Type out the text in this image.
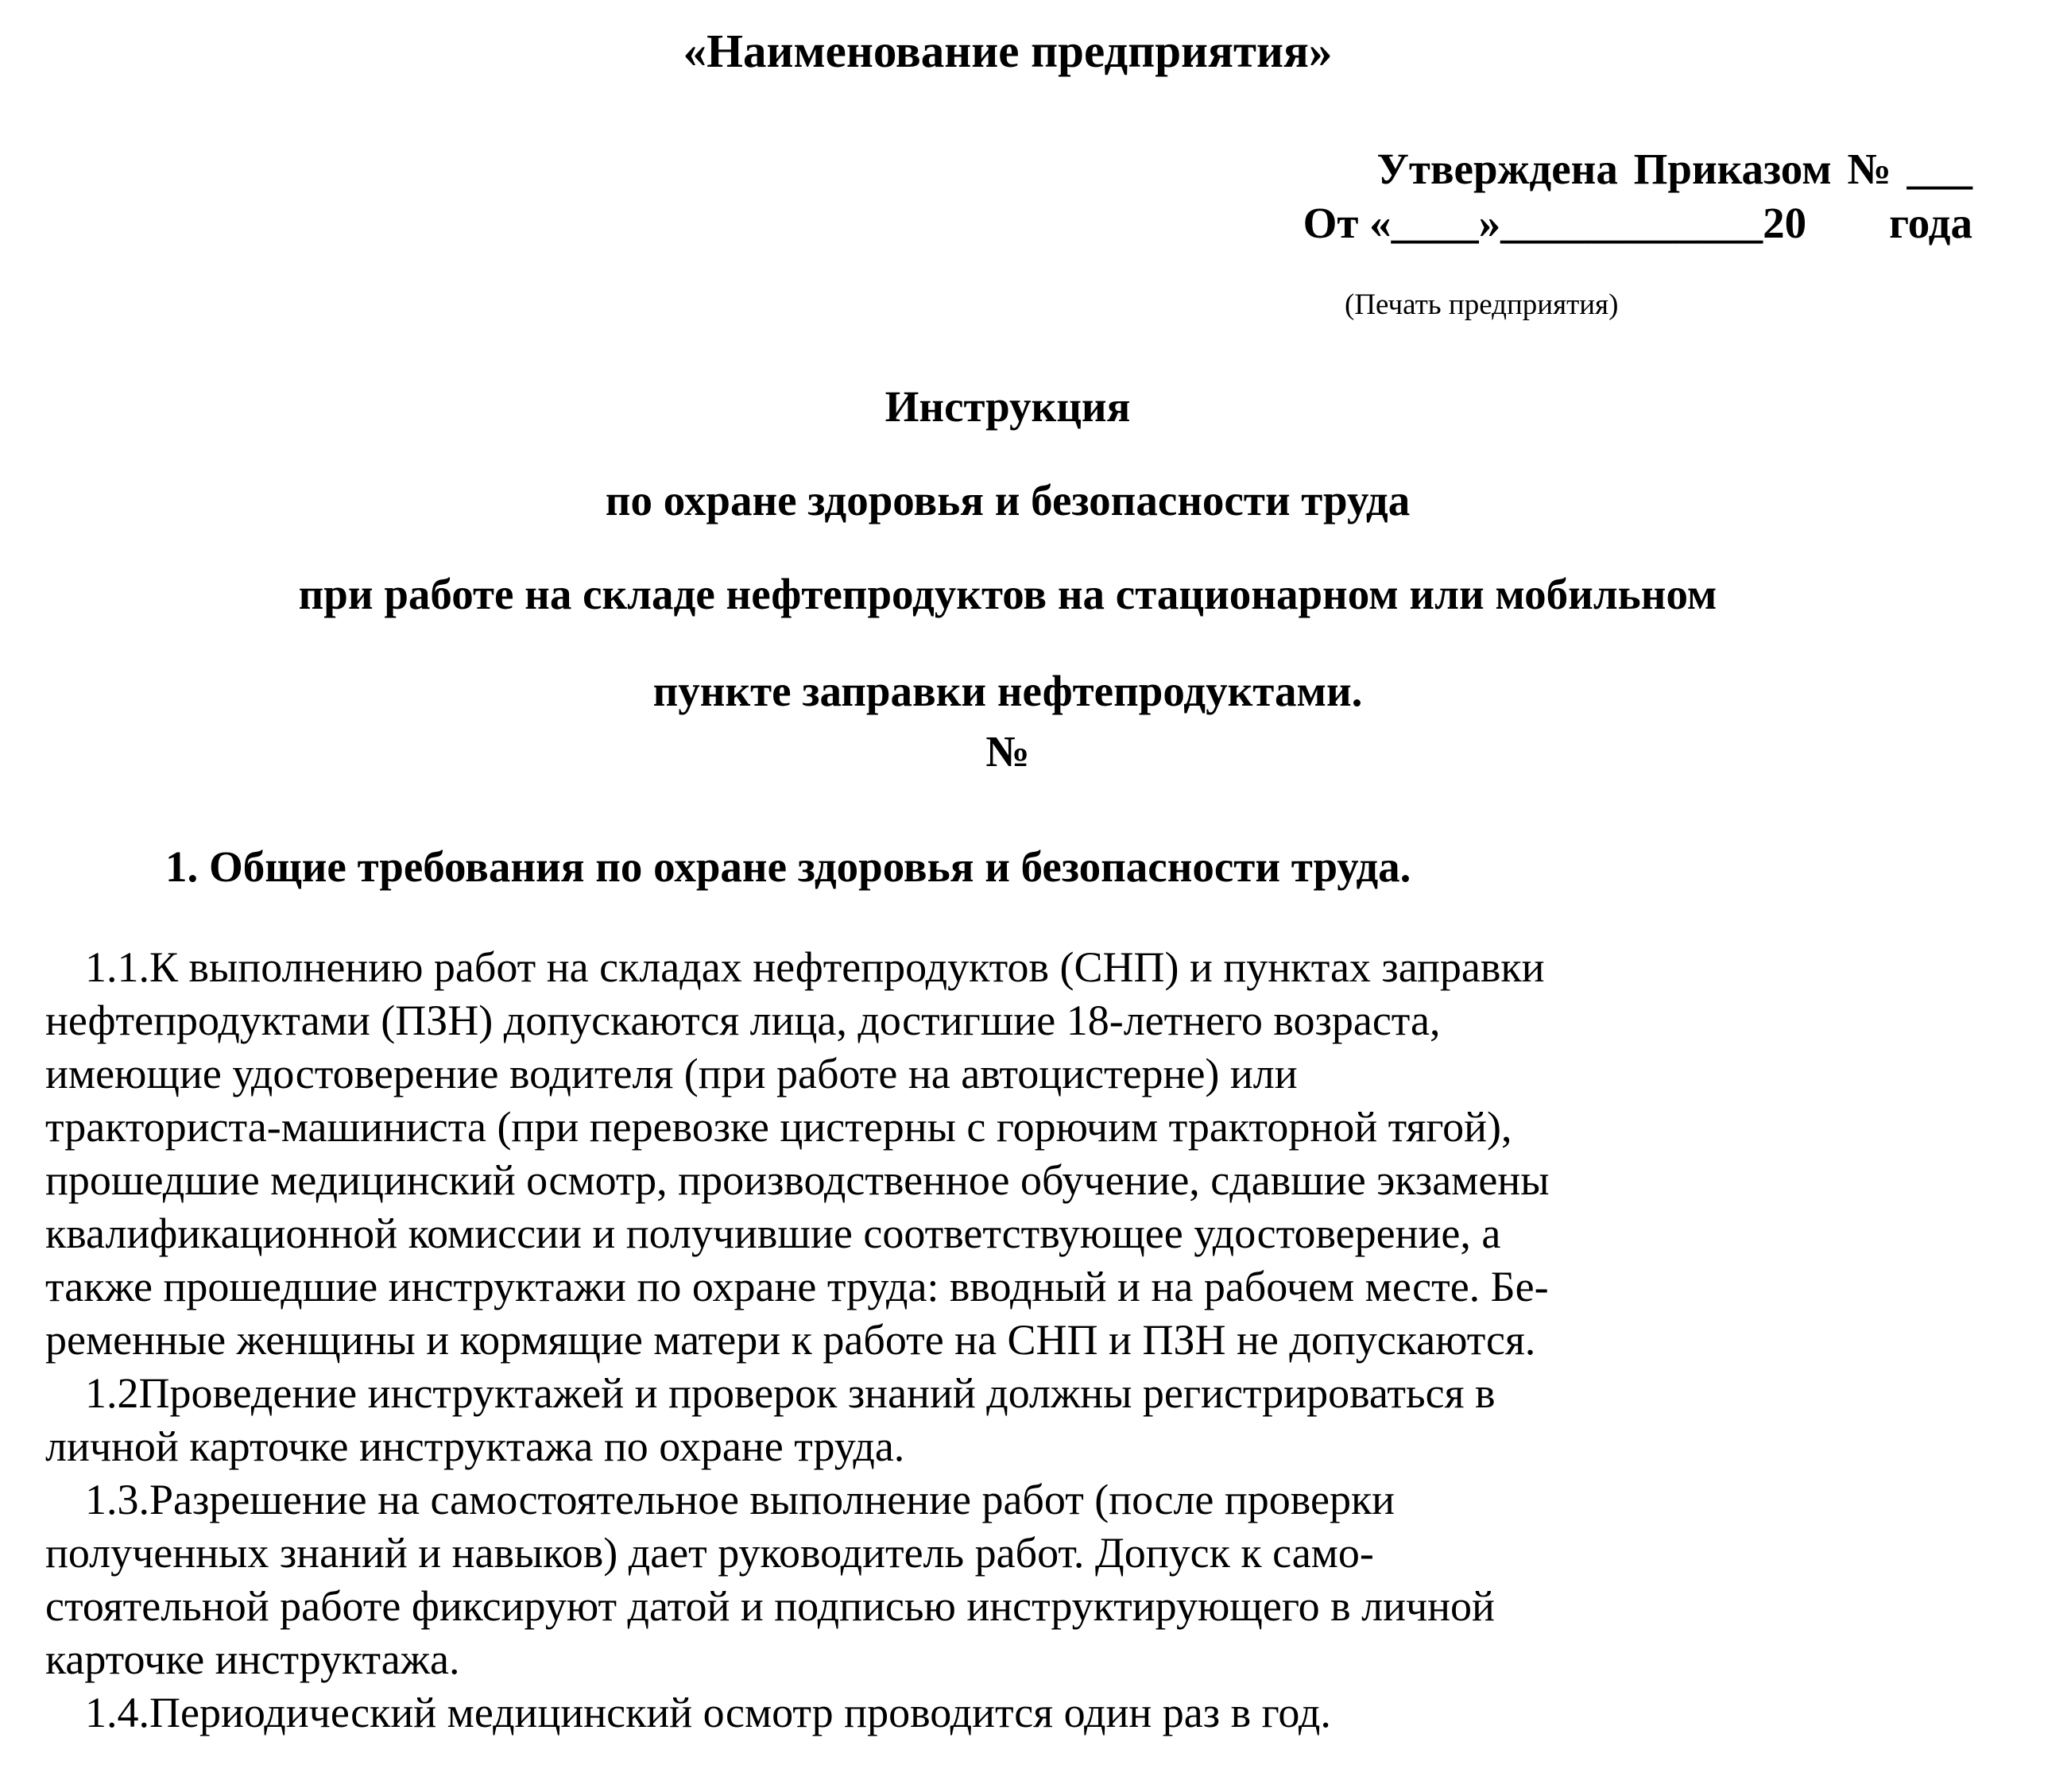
«Наименование предприятия»
Утверждена Приказом № ___
От «____»____________20 года
(Печать предприятия)
Инструкция
по охране здоровья и безопасности труда
при работе на складе нефтепродуктов на стационарном или мобильном
пункте заправки нефтепродуктами.
№
1. Общие требования по охране здоровья и безопасности труда.
1.1.К выполнению работ на складах нефтепродуктов (СНП) и пунктах заправки
нефтепродуктами (ПЗН) допускаются лица, достигшие 18-летнего возраста,
имеющие удостоверение водителя (при работе на автоцистерне) или
тракториста-машиниста (при перевозке цистерны с горючим тракторной тягой),
прошедшие медицинский осмотр, производственное обучение, сдавшие экзамены
квалификационной комиссии и получившие соответствующее удостоверение, а
также прошедшие инструктажи по охране труда: вводный и на рабочем месте. Бе-
ременные женщины и кормящие матери к работе на СНП и ПЗН не допускаются.
1.2Проведение инструктажей и проверок знаний должны регистрироваться в
личной карточке инструктажа по охране труда.
1.3.Разрешение на самостоятельное выполнение работ (после проверки
полученных знаний и навыков) дает руководитель работ. Допуск к само-
стоятельной работе фиксируют датой и подписью инструктирующего в личной
карточке инструктажа.
1.4.Периодический медицинский осмотр проводится один раз в год.
